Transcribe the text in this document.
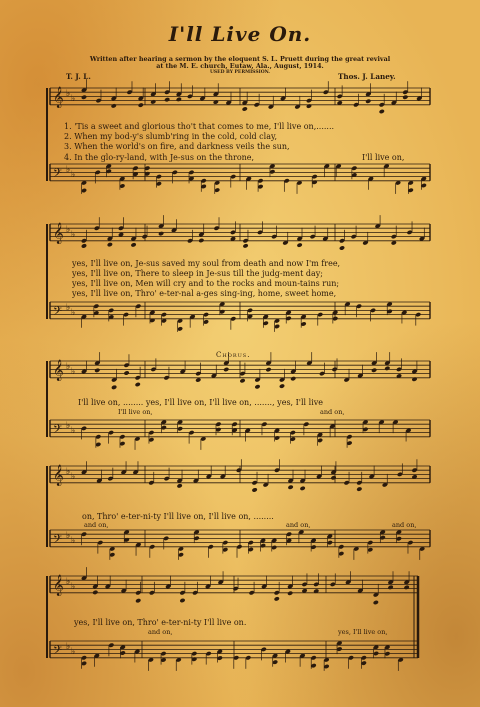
I'll Live On.
Written after hearing a sermon by the eloquent S. L. Pruett during the great revival
at the M. E. church, Eutaw, Ala., August, 1914.
USED BY PERMISSION.
T. J. L.	Thos. J. Laney.
𝄞 ♭ ♭
𝄢 ♭ ♭
𝄞 ♭ ♭
𝄢 ♭ ♭
𝄞 ♭ ♭
𝄢 ♭ ♭
𝄞 ♭ ♭
𝄢 ♭ ♭
𝄞 ♭ ♭
𝄢 ♭ ♭
1. 'Tis a sweet and glorious tho't that comes to me, I'll live on,.......
2. When my bod-y's slumb'ring in the cold, cold clay,
3. When the world's on fire, and darkness veils the sun,
4. In the glo-ry-land, with Je-sus on the throne,	I'll live on,
yes, I'll live on, Je-sus saved my soul from death and now I'm free,
yes, I'll live on, There to sleep in Je-sus till the judg-ment day;
yes, I'll live on, Men will cry and to the rocks and moun-tains run;
yes, I'll live on, Thro' e-ter-nal a-ges sing-ing, home, sweet home,
Chorus.
I'll live on, ........ yes, I'll live on, I'll live on, ......., yes, I'll live
I'll live on,	and on,
on, Thro' e-ter-ni-ty I'll live on, I'll live on, ........
and on,	and on,	and on,
yes, I'll live on, Thro' e-ter-ni-ty I'll live on.
and on,	yes, I'll live on,
